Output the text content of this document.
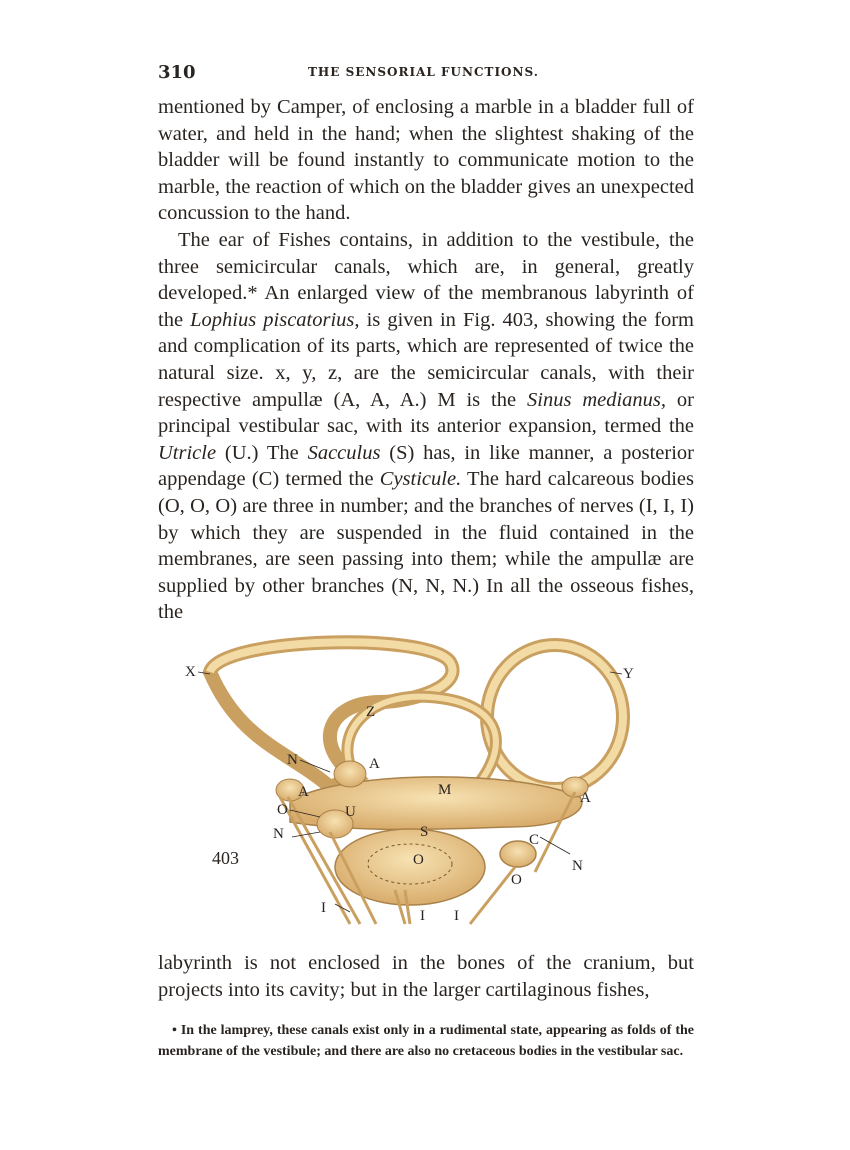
310	THE SENSORIAL FUNCTIONS.

mentioned by Camper, of enclosing a marble in a bladder full of water, and held in the hand; when the slightest shaking of the bladder will be found instantly to communicate motion to the marble, the reaction of which on the bladder gives an unexpected concussion to the hand.

The ear of Fishes contains, in addition to the vestibule, the three semicircular canals, which are, in general, greatly developed.* An enlarged view of the membranous labyrinth of the Lophius piscatorius, is given in Fig. 403, showing the form and complication of its parts, which are represented of twice the natural size. x, y, z, are the semicircular canals, with their respective ampullæ (A, A, A.) M is the Sinus medianus, or principal vestibular sac, with its anterior expansion, termed the Utricle (U.) The Sacculus (S) has, in like manner, a posterior appendage (C) termed the Cysticule. The hard calcareous bodies (O, O, O) are three in number; and the branches of nerves (I, I, I) by which they are suspended in the fluid contained in the membranes, are seen passing into them; while the ampullæ are supplied by other branches (N, N, N.) In all the osseous fishes, the

X	Y
Z
N	A
A	M	A
O	U
N	S	C
O	N
O
I	I I
403

labyrinth is not enclosed in the bones of the cranium, but projects into its cavity; but in the larger cartilaginous fishes,

• In the lamprey, these canals exist only in a rudimental state, appearing as folds of the membrane of the vestibule; and there are also no cretaceous bodies in the vestibular sac.
